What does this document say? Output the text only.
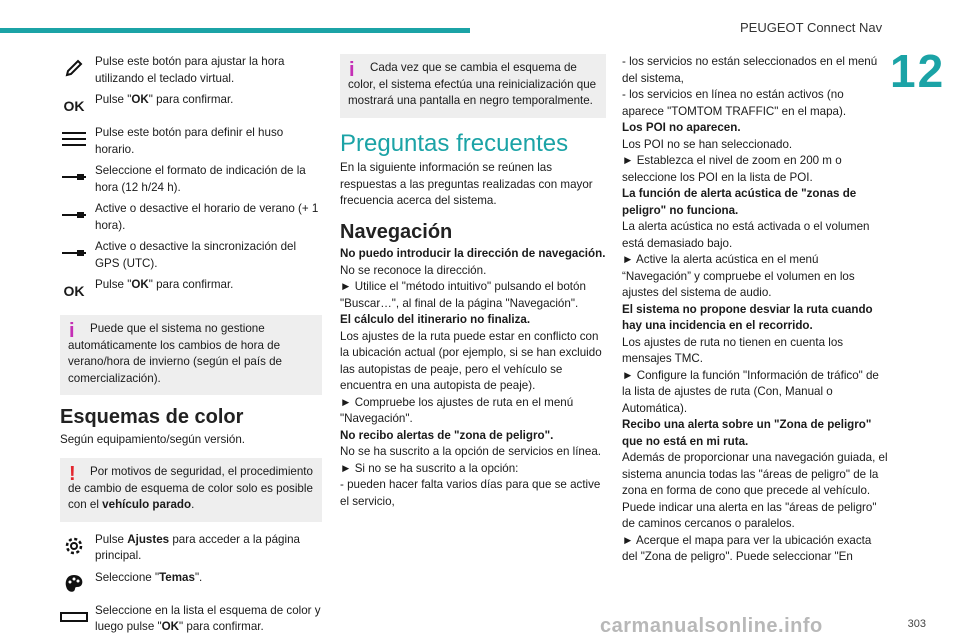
PEUGEOT Connect Nav
12

Pulse este botón para ajustar la hora utilizando el teclado virtual.

OK Pulse "OK" para confirmar.

Pulse este botón para definir el huso horario.

Seleccione el formato de indicación de la hora (12 h/24 h).

Active o desactive el horario de verano (+ 1 hora).

Active o desactive la sincronización del GPS (UTC).

OK Pulse "OK" para confirmar.

i	Puede que el sistema no gestione automáticamente los cambios de hora de verano/hora de invierno (según el país de comercialización).

Esquemas de color

Según equipamiento/según versión.

!	Por motivos de seguridad, el procedimiento de cambio de esquema de color solo es posible con el vehículo parado.

Pulse Ajustes para acceder a la página principal.

Seleccione "Temas".

Seleccione en la lista el esquema de color y luego pulse "OK" para confirmar.

i	Cada vez que se cambia el esquema de color, el sistema efectúa una reinicialización que mostrará una pantalla en negro temporalmente.

Preguntas frecuentes

En la siguiente información se reúnen las respuestas a las preguntas realizadas con mayor frecuencia acerca del sistema.

Navegación
No puedo introducir la dirección de navegación.
No se reconoce la dirección.
► Utilice el "método intuitivo" pulsando el botón "Buscar…", al final de la página "Navegación".
El cálculo del itinerario no finaliza.
Los ajustes de la ruta puede estar en conflicto con la ubicación actual (por ejemplo, si se han excluido las autopistas de peaje, pero el vehículo se encuentra en una autopista de peaje).
► Compruebe los ajustes de ruta en el menú "Navegación".
No recibo alertas de "zona de peligro".
No se ha suscrito a la opción de servicios en línea.
► Si no se ha suscrito a la opción:
- pueden hacer falta varios días para que se active el servicio,
- los servicios no están seleccionados en el menú del sistema,
- los servicios en línea no están activos (no aparece "TOMTOM TRAFFIC" en el mapa).
Los POI no aparecen.
Los POI no se han seleccionado.
► Establezca el nivel de zoom en 200 m o seleccione los POI en la lista de POI.
La función de alerta acústica de "zonas de peligro" no funciona.
La alerta acústica no está activada o el volumen está demasiado bajo.
► Active la alerta acústica en el menú “Navegación” y compruebe el volumen en los ajustes del sistema de audio.
El sistema no propone desviar la ruta cuando hay una incidencia en el recorrido.
Los ajustes de ruta no tienen en cuenta los mensajes TMC.
► Configure la función "Información de tráfico" de la lista de ajustes de ruta (Con, Manual o Automática).
Recibo una alerta sobre un "Zona de peligro" que no está en mi ruta.
Además de proporcionar una navegación guiada, el sistema anuncia todas las "áreas de peligro" de la zona en forma de cono que precede al vehículo. Puede indicar una alerta en las "áreas de peligro" de caminos cercanos o paralelos.
► Acerque el mapa para ver la ubicación exacta del "Zona de peligro". Puede seleccionar "En
carmanualsonline.info	303
